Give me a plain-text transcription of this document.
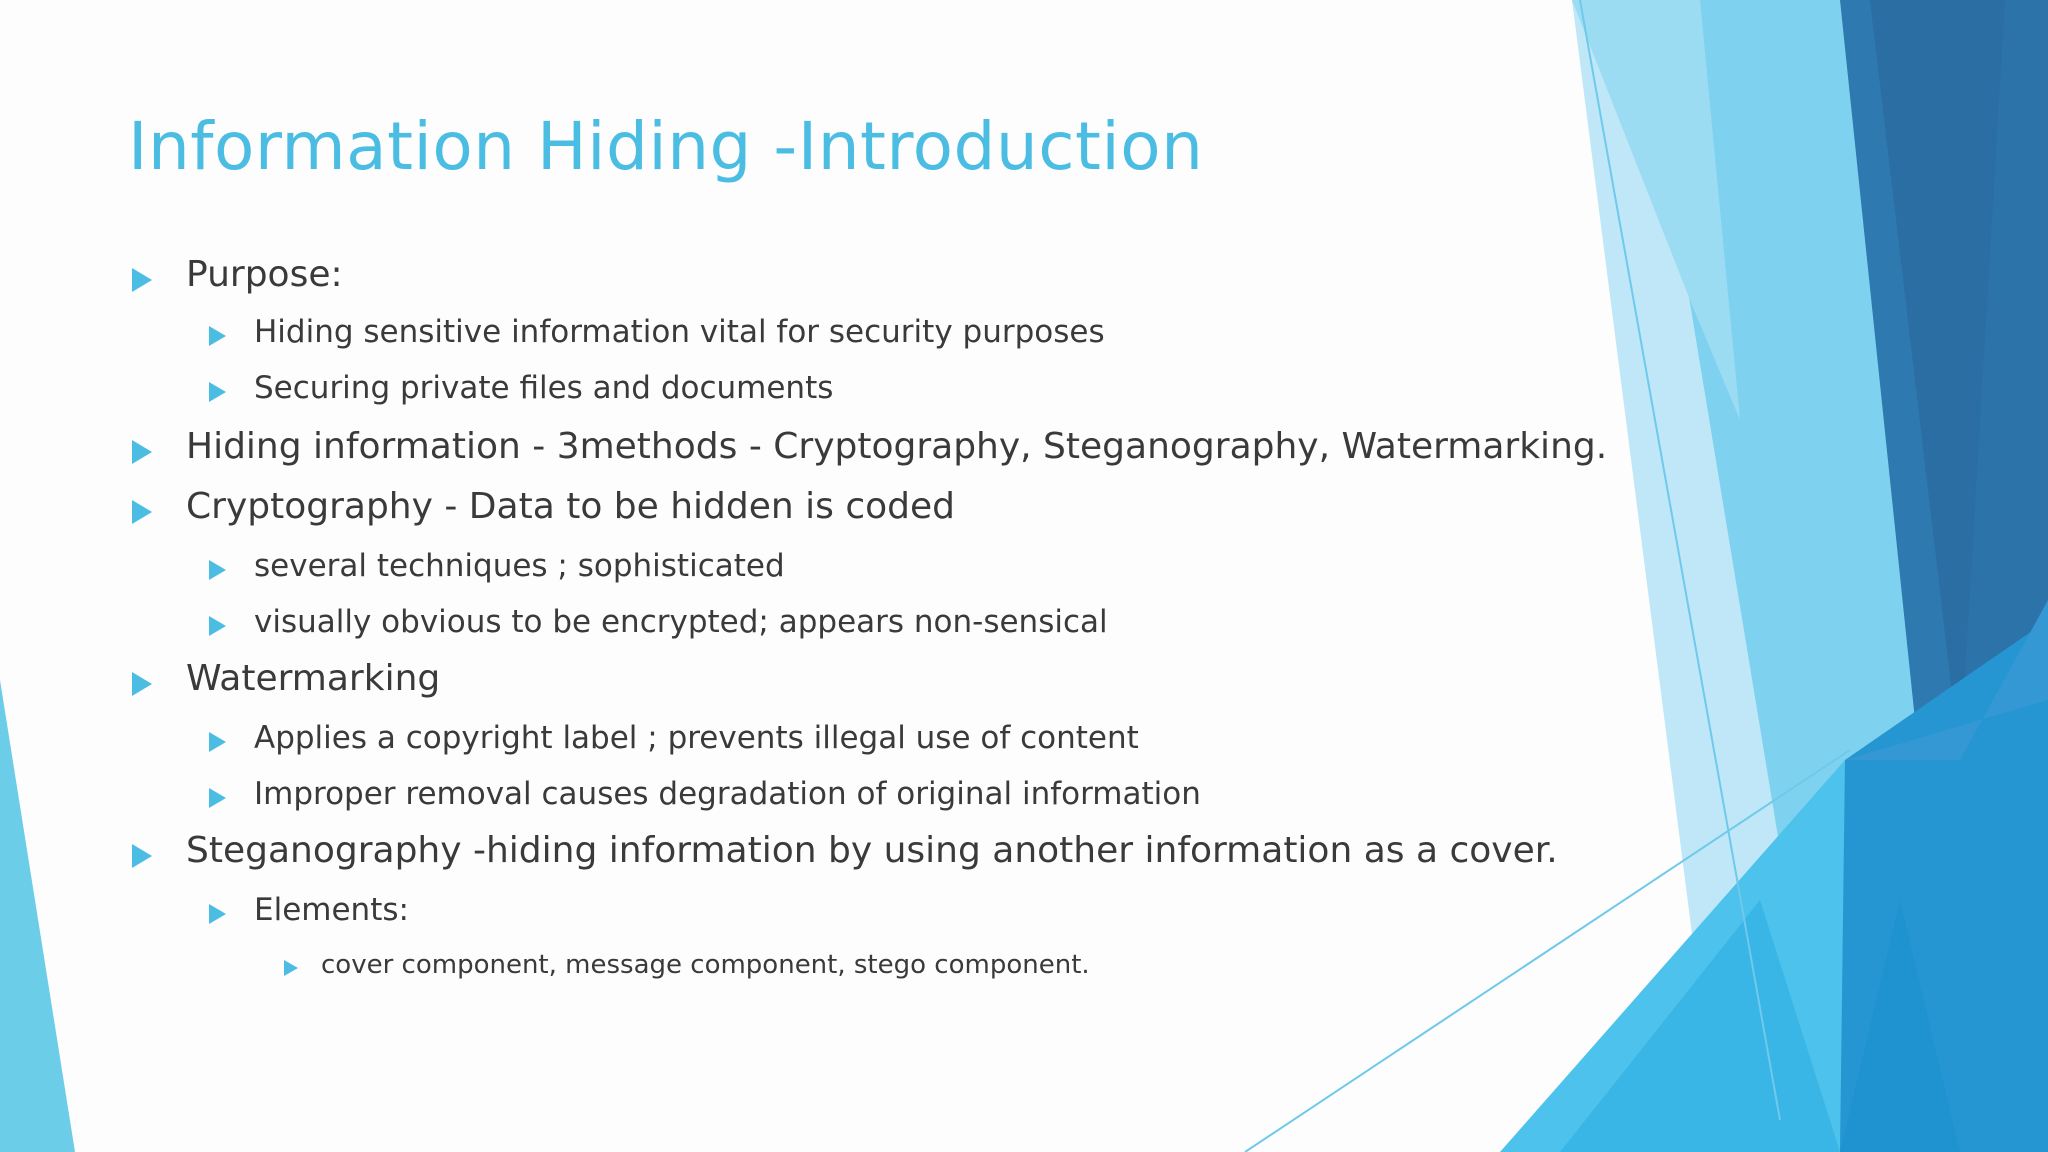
Information Hiding -Introduction
Purpose:
Hiding sensitive information vital for security purposes
Securing private files and documents
Hiding information - 3methods - Cryptography, Steganography, Watermarking.
Cryptography - Data to be hidden is coded
several techniques ; sophisticated
visually obvious to be encrypted; appears non-sensical
Watermarking
Applies a copyright label ; prevents illegal use of content
Improper removal causes degradation of original information
Steganography -hiding information by using another information as a cover.
Elements:
cover component, message component, stego component.
